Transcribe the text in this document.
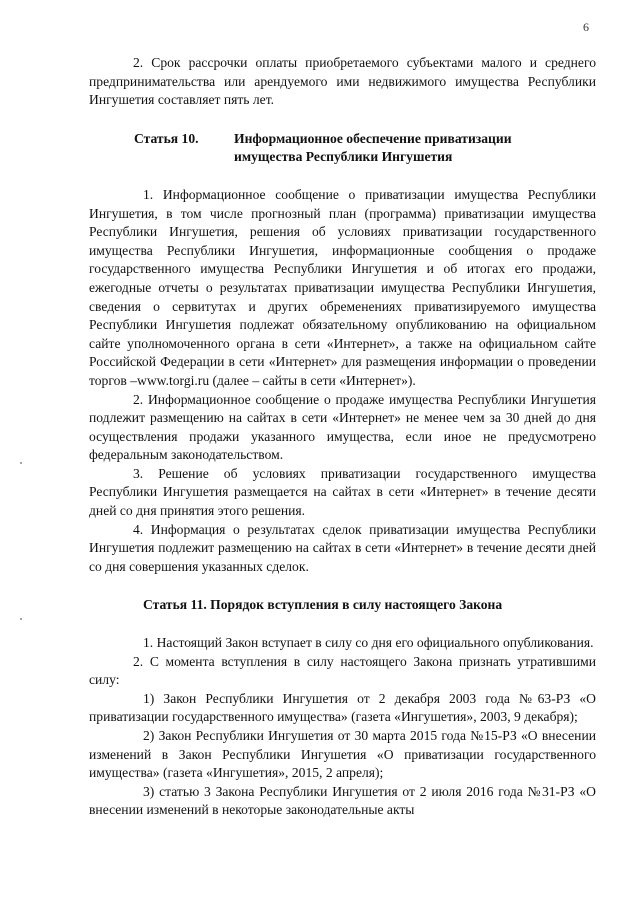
6

2. Срок рассрочки оплаты приобретаемого субъектами малого и среднего предпринимательства или арендуемого ими недвижимого имущества Республики Ингушетия составляет пять лет.

Статья 10.	Информационное обеспечение приватизации
имущества Республики Ингушетия

1. Информационное сообщение о приватизации имущества Республики Ингушетия, в том числе прогнозный план (программа) приватизации имущества Республики Ингушетия, решения об условиях приватизации государственного имущества Республики Ингушетия, информационные сообщения о продаже государственного имущества Республики Ингушетия и об итогах его продажи, ежегодные отчеты о результатах приватизации имущества Республики Ингушетия, сведения о сервитутах и других обременениях приватизируемого имущества Республики Ингушетия подлежат обязательному опубликованию на официальном сайте уполномоченного органа в сети «Интернет», а также на официальном сайте Российской Федерации в сети «Интернет» для размещения информации о проведении торгов –www.torgi.ru (далее – сайты в сети «Интернет»).

2. Информационное сообщение о продаже имущества Республики Ингушетия подлежит размещению на сайтах в сети «Интернет» не менее чем за 30 дней до дня осуществления продажи указанного имущества, если иное не предусмотрено федеральным законодательством.

3. Решение об условиях приватизации государственного имущества Республики Ингушетия размещается на сайтах в сети «Интернет» в течение десяти дней со дня принятия этого решения.

4. Информация о результатах сделок приватизации имущества Республики Ингушетия подлежит размещению на сайтах в сети «Интернет» в течение десяти дней со дня совершения указанных сделок.

Статья 11. Порядок вступления в силу настоящего Закона

1. Настоящий Закон вступает в силу со дня его официального опубликования.

2. С момента вступления в силу настоящего Закона признать утратившими силу:

1) Закон Республики Ингушетия от 2 декабря 2003 года №63-РЗ «О приватизации государственного имущества» (газета «Ингушетия», 2003, 9 декабря);

2) Закон Республики Ингушетия от 30 марта 2015 года №15-РЗ «О внесении изменений в Закон Республики Ингушетия «О приватизации государственного имущества» (газета «Ингушетия», 2015, 2 апреля);

3) статью 3 Закона Республики Ингушетия от 2 июля 2016 года №31-РЗ «О внесении изменений в некоторые законодательные акты
